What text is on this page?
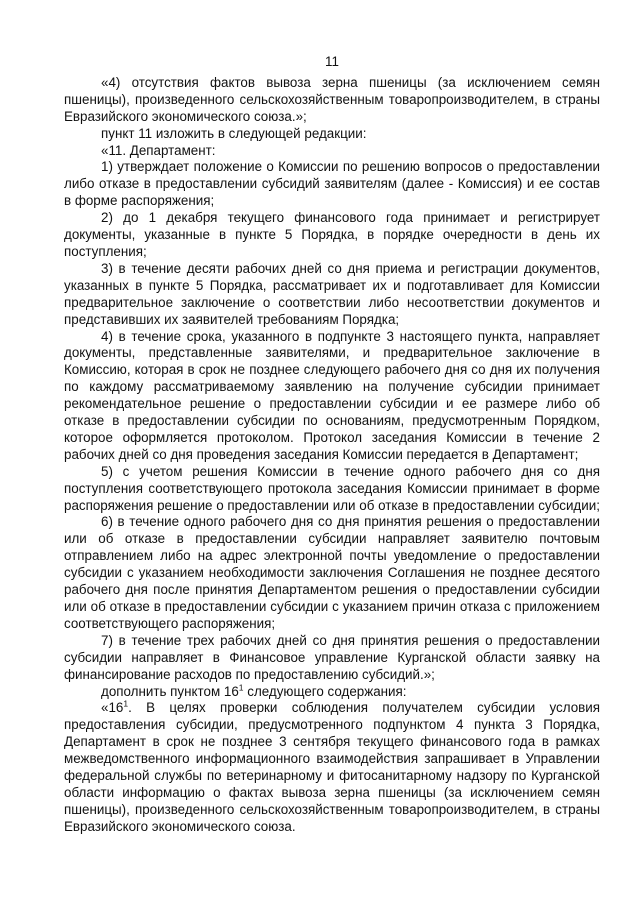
11

«4) отсутствия фактов вывоза зерна пшеницы (за исключением семян пшеницы), произведенного сельскохозяйственным товаропроизводителем, в страны Евразийского экономического союза.»;

пункт 11 изложить в следующей редакции:

«11. Департамент:

1) утверждает положение о Комиссии по решению вопросов о предоставлении либо отказе в предоставлении субсидий заявителям (далее - Комиссия) и ее состав в форме распоряжения;

2) до 1 декабря текущего финансового года принимает и регистрирует документы, указанные в пункте 5 Порядка, в порядке очередности в день их поступления;

3) в течение десяти рабочих дней со дня приема и регистрации документов, указанных в пункте 5 Порядка, рассматривает их и подготавливает для Комиссии предварительное заключение о соответствии либо несоответствии документов и представивших их заявителей требованиям Порядка;

4) в течение срока, указанного в подпункте 3 настоящего пункта, направляет документы, представленные заявителями, и предварительное заключение в Комиссию, которая в срок не позднее следующего рабочего дня со дня их получения по каждому рассматриваемому заявлению на получение субсидии принимает рекомендательное решение о предоставлении субсидии и ее размере либо об отказе в предоставлении субсидии по основаниям, предусмотренным Порядком, которое оформляется протоколом. Протокол заседания Комиссии в течение 2 рабочих дней со дня проведения заседания Комиссии передается в Департамент;

5) с учетом решения Комиссии в течение одного рабочего дня со дня поступления соответствующего протокола заседания Комиссии принимает в форме распоряжения решение о предоставлении или об отказе в предоставлении субсидии;

6) в течение одного рабочего дня со дня принятия решения о предоставлении или об отказе в предоставлении субсидии направляет заявителю почтовым отправлением либо на адрес электронной почты уведомление о предоставлении субсидии с указанием необходимости заключения Соглашения не позднее десятого рабочего дня после принятия Департаментом решения о предоставлении субсидии или об отказе в предоставлении субсидии с указанием причин отказа с приложением соответствующего распоряжения;

7) в течение трех рабочих дней со дня принятия решения о предоставлении субсидии направляет в Финансовое управление Курганской области заявку на финансирование расходов по предоставлению субсидий.»;

дополнить пунктом $16^1$ следующего содержания:

«$16^1$. В целях проверки соблюдения получателем субсидии условия предоставления субсидии, предусмотренного подпунктом 4 пункта 3 Порядка, Департамент в срок не позднее 3 сентября текущего финансового года в рамках межведомственного информационного взаимодействия запрашивает в Управлении федеральной службы по ветеринарному и фитосанитарному надзору по Курганской области информацию о фактах вывоза зерна пшеницы (за исключением семян пшеницы), произведенного сельскохозяйственным товаропроизводителем, в страны Евразийского экономического союза.
